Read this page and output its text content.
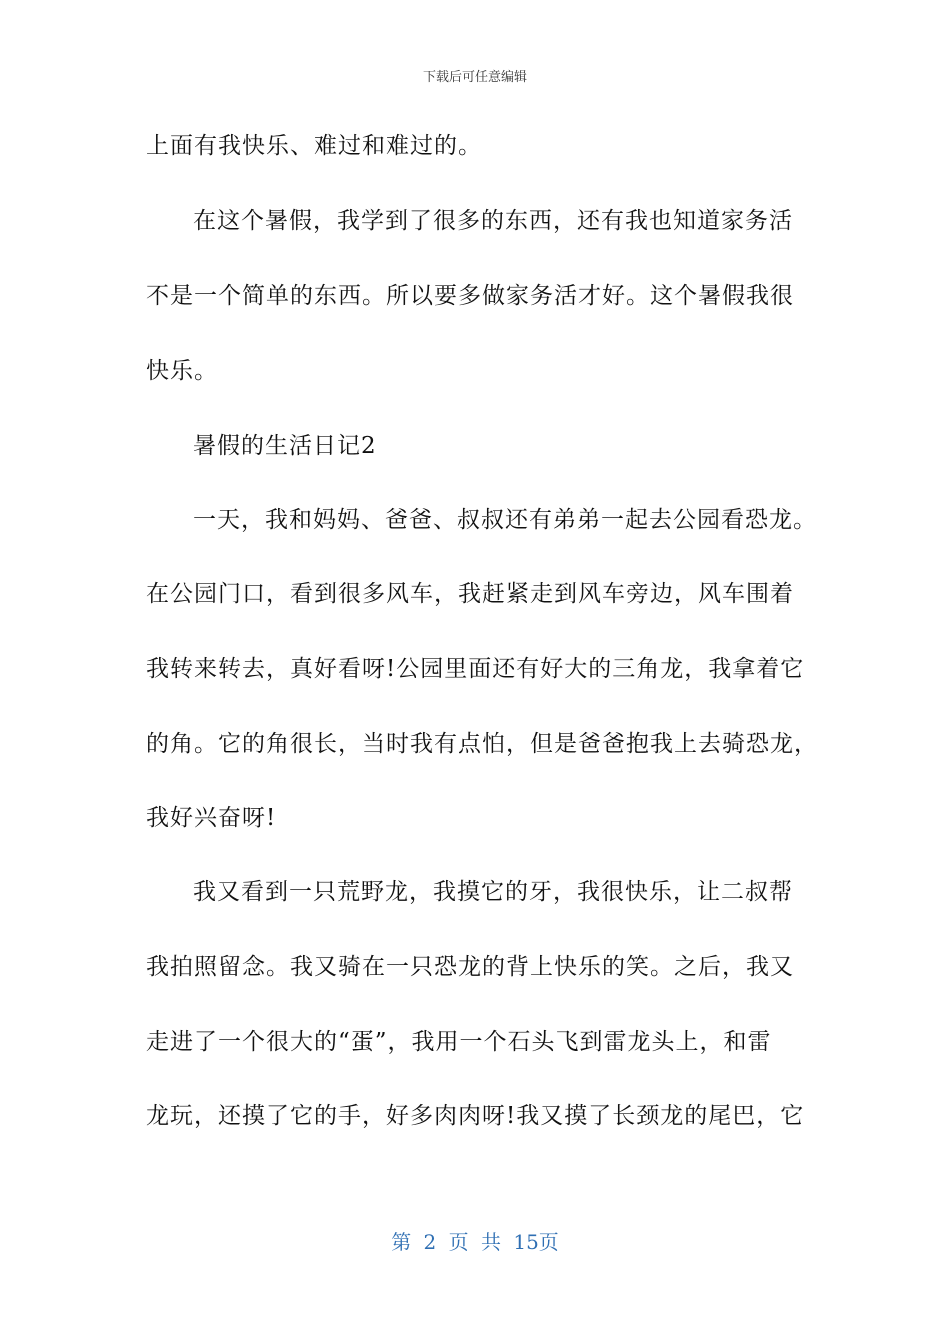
下载后可任意编辑
上面有我快乐、难过和难过的。
在这个暑假，我学到了很多的东西，还有我也知道家务活
不是一个简单的东西。所以要多做家务活才好。这个暑假我很
快乐。
暑假的生活日记2
一天，我和妈妈、爸爸、叔叔还有弟弟一起去公园看恐龙。
在公园门口，看到很多风车，我赶紧走到风车旁边，风车围着
我转来转去，真好看呀!公园里面还有好大的三角龙，我拿着它
的角。它的角很长，当时我有点怕，但是爸爸抱我上去骑恐龙，
我好兴奋呀!
我又看到一只荒野龙，我摸它的牙，我很快乐，让二叔帮
我拍照留念。我又骑在一只恐龙的背上快乐的笑。之后，我又
走进了一个很大的“蛋”，我用一个石头飞到雷龙头上，和雷
龙玩，还摸了它的手，好多肉肉呀!我又摸了长颈龙的尾巴，它
第 2 页 共 15页
